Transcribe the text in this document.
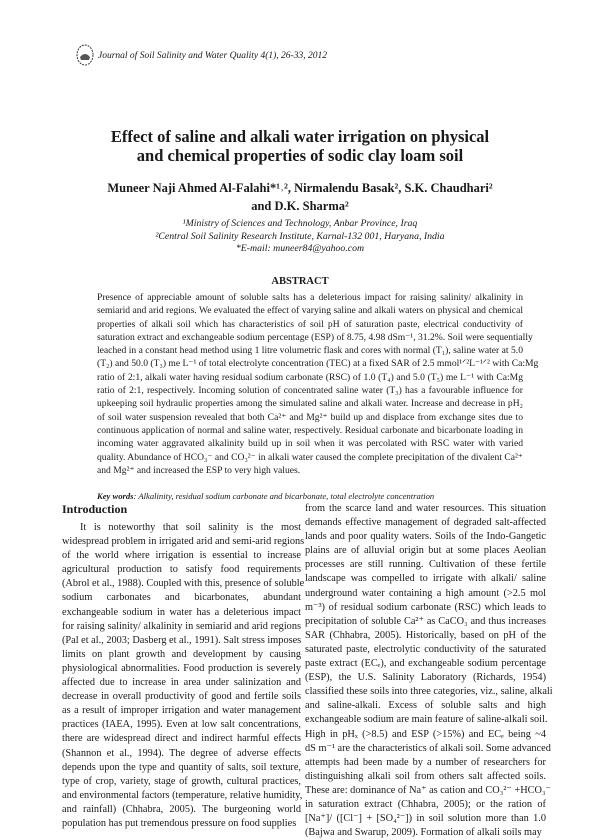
Journal of Soil Salinity and Water Quality 4(1), 26-33, 2012
Effect of saline and alkali water irrigation on physical
and chemical properties of sodic clay loam soil
Muneer Naji Ahmed Al-Falahi*¹˒², Nirmalendu Basak², S.K. Chaudhari²
and D.K. Sharma²
¹Ministry of Sciences and Technology, Anbar Province, Iraq
²Central Soil Salinity Research Institute, Karnal-132 001, Haryana, India
*E-mail: muneer84@yahoo.com
ABSTRACT
Presence of appreciable amount of soluble salts has a deleterious impact for raising salinity/ alkalinity in
semiarid and arid regions. We evaluated the effect of varying saline and alkali waters on physical and chemical
properties of alkali soil which has characteristics of soil pH of saturation paste, electrical conductivity of
saturation extract and exchangeable sodium percentage (ESP) of 8.75, 4.98 dSm⁻¹, 31.2%. Soil were sequentially
leached in a constant head method using 1 litre volumetric flask and cores with normal (T₁), saline water at 5.0
(T₂) and 50.0 (T₃) me L⁻¹ of total electrolyte concentration (TEC) at a fixed SAR of 2.5 mmol¹ᐟ²L⁻¹ᐟ² with Ca:Mg
ratio of 2:1, alkali water having residual sodium carbonate (RSC) of 1.0 (T₄) and 5.0 (T₅) me L⁻¹ with Ca:Mg
ratio of 2:1, respectively. Incoming solution of concentrated saline water (T₃) has a favourable influence for
upkeeping soil hydraulic properties among the simulated saline and alkali water. Increase and decrease in pH₂
of soil water suspension revealed that both Ca²⁺ and Mg²⁺ build up and displace from exchange sites due to
continuous application of normal and saline water, respectively. Residual carbonate and bicarbonate loading in
incoming water aggravated alkalinity build up in soil when it was percolated with RSC water with varied
quality. Abundance of HCO₃⁻ and CO₃²⁻ in alkali water caused the complete precipitation of the divalent Ca²⁺
and Mg²⁺ and increased the ESP to very high values.
Key words: Alkalinity, residual sodium carbonate and bicarbonate, total electrolyte concentration
Introduction
It is noteworthy that soil salinity is the most
widespread problem in irrigated arid and semi-arid regions
of the world where irrigation is essential to increase
agricultural production to satisfy food requirements
(Abrol et al., 1988). Coupled with this, presence of soluble
sodium carbonates and bicarbonates, abundant
exchangeable sodium in water has a deleterious impact
for raising salinity/ alkalinity in semiarid and arid regions
(Pal et al., 2003; Dasberg et al., 1991). Salt stress imposes
limits on plant growth and development by causing
physiological abnormalities. Food production is severely
affected due to increase in area under salinization and
decrease in overall productivity of good and fertile soils
as a result of improper irrigation and water management
practices (IAEA, 1995). Even at low salt concentrations,
there are widespread direct and indirect harmful effects
(Shannon et al., 1994). The degree of adverse effects
depends upon the type and quantity of salts, soil texture,
type of crop, variety, stage of growth, cultural practices,
and environmental factors (temperature, relative humidity,
and rainfall) (Chhabra, 2005). The burgeoning world
population has put tremendous pressure on food supplies
from the scarce land and water resources. This situation
demands effective management of degraded salt-affected
lands and poor quality waters. Soils of the Indo-Gangetic
plains are of alluvial origin but at some places Aeolian
processes are still running. Cultivation of these fertile
landscape was compelled to irrigate with alkali/ saline
underground water containing a high amount (>2.5 mol
m⁻³) of residual sodium carbonate (RSC) which leads to
precipitation of soluble Ca²⁺ as CaCO₃ and thus increases
SAR (Chhabra, 2005). Historically, based on pH of the
saturated paste, electrolytic conductivity of the saturated
paste extract (ECₑ), and exchangeable sodium percentage
(ESP), the U.S. Salinity Laboratory (Richards, 1954)
classified these soils into three categories, viz., saline, alkali
and saline-alkali. Excess of soluble salts and high
exchangeable sodium are main feature of saline-alkali soil.
High in pHₓ (>8.5) and ESP (>15%) and ECₑ being ~4
dS m⁻¹ are the characteristics of alkali soil. Some advanced
attempts had been made by a number of researchers for
distinguishing alkali soil from others salt affected soils.
These are: dominance of Na⁺ as cation and CO₃²⁻ +HCO₃⁻
in saturation extract (Chhabra, 2005); or the ration of
[Na⁺]/ ([Cl⁻] + [SO₄²⁻]) in soil solution more than 1.0
(Bajwa and Swarup, 2009). Formation of alkali soils may
